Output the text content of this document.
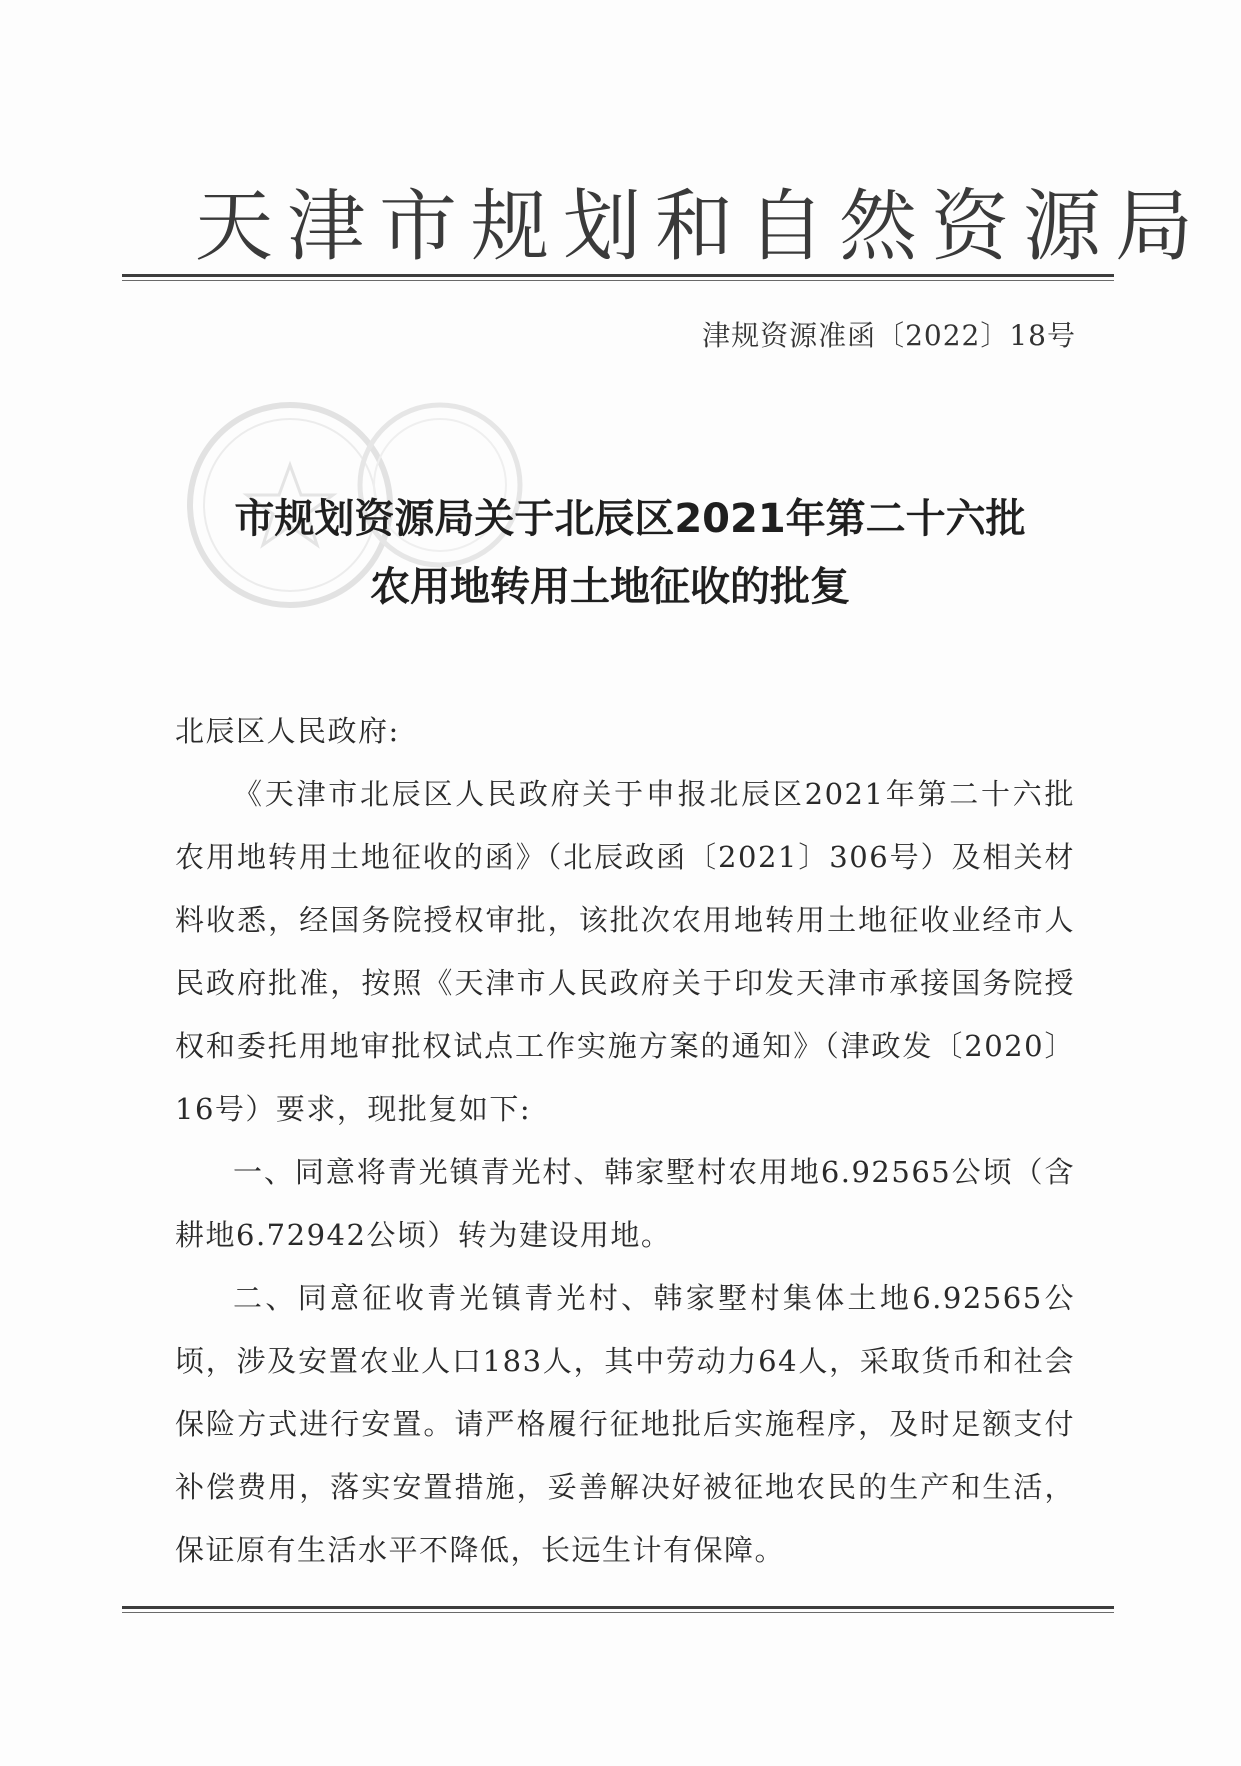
天津市规划和自然资源局
津规资源准函〔2022〕18号
市规划资源局关于北辰区2021年第二十六批
农用地转用土地征收的批复

北辰区人民政府:

《天津市北辰区人民政府关于申报北辰区2021年第二十六批农用地转用土地征收的函》（北辰政函〔2021〕306号）及相关材料收悉，经国务院授权审批，该批次农用地转用土地征收业经市人民政府批准，按照《天津市人民政府关于印发天津市承接国务院授权和委托用地审批权试点工作实施方案的通知》（津政发〔2020〕16号）要求，现批复如下:

一、同意将青光镇青光村、韩家墅村农用地6.92565公顷（含耕地6.72942公顷）转为建设用地。

二、同意征收青光镇青光村、韩家墅村集体土地6.92565公顷，涉及安置农业人口183人，其中劳动力64人，采取货币和社会保险方式进行安置。请严格履行征地批后实施程序，及时足额支付补偿费用，落实安置措施，妥善解决好被征地农民的生产和生活，保证原有生活水平不降低，长远生计有保障。
